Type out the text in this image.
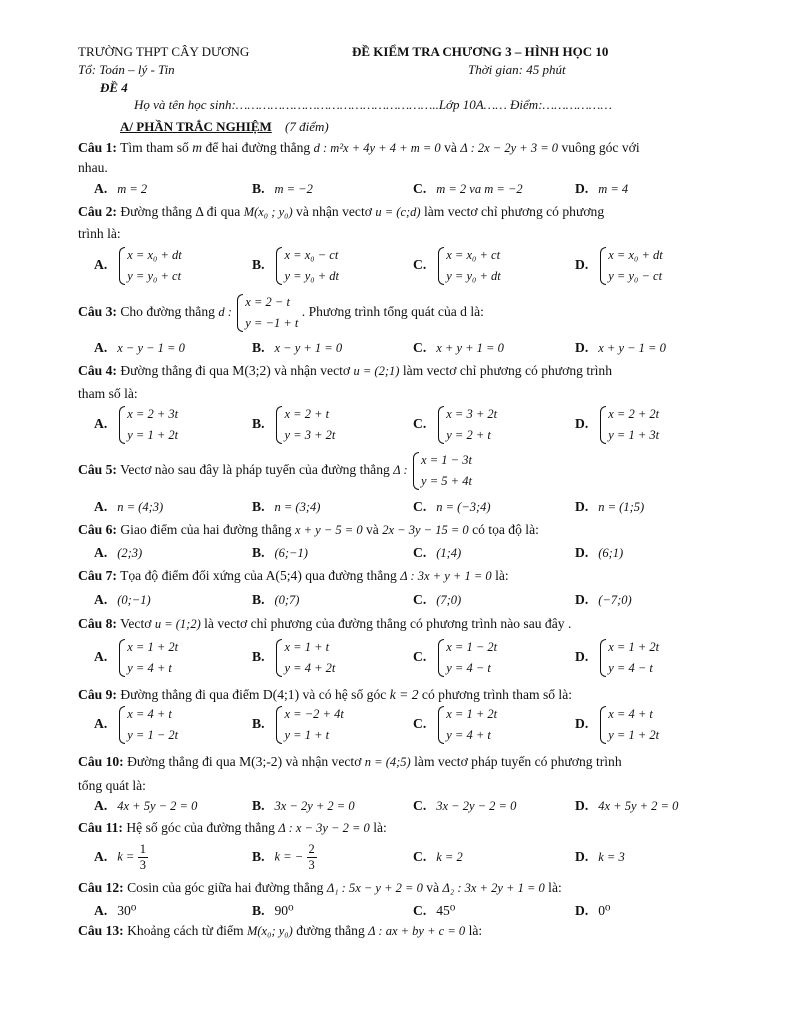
TRƯỜNG THPT CÂY DƯƠNG	ĐỀ KIỂM TRA CHƯƠNG 3 – HÌNH HỌC 10
Tổ: Toán – lý - Tin	Thời gian: 45 phút
ĐỀ 4
Họ và tên học sinh:……………………………………………..Lớp 10A…… Điểm:………………
A/ PHẦN TRẮC NGHIỆM (7 điểm)
Câu 1: Tìm tham số m để hai đường thẳng d : m²x + 4y + 4 + m = 0 và Δ : 2x − 2y + 3 = 0 vuông góc với
nhau.
A. m = 2	B. m = −2	C. m = 2 va m = −2	D. m = 4
Câu 2: Đường thẳng Δ đi qua M(x₀ ; y₀) và nhận vectơ u = (c;d) làm vectơ chỉ phương có phương
trình là:
A.
x = x₀ + dt
y = y₀ + ct
B.
x = x₀ − ct
y = y₀ + dt
C.
x = x₀ + ct
y = y₀ + dt
D.
x = x₀ + dt
y = y₀ − ct
Câu 3: Cho đường thẳng d :
x = 2 − t
y = −1 + t
. Phương trình tổng quát của d là:
A. x − y − 1 = 0	B. x − y + 1 = 0	C. x + y + 1 = 0	D. x + y − 1 = 0
Câu 4: Đường thẳng đi qua M(3;2) và nhận vectơ u = (2;1) làm vectơ chỉ phương có phương trình
tham số là:
A.
x = 2 + 3t
y = 1 + 2t
B.
x = 2 + t
y = 3 + 2t
C.
x = 3 + 2t
y = 2 + t
D.
x = 2 + 2t
y = 1 + 3t
Câu 5: Vectơ nào sau đây là pháp tuyến của đường thẳng Δ :
x = 1 − 3t
y = 5 + 4t
A. n = (4;3)	B. n = (3;4)	C. n = (−3;4)	D. n = (1;5)
Câu 6: Giao điểm của hai đường thẳng x + y − 5 = 0 và 2x − 3y − 15 = 0 có tọa độ là:
A. (2;3)	B. (6;−1)	C. (1;4)	D. (6;1)
Câu 7: Tọa độ điểm đối xứng của A(5;4) qua đường thẳng Δ : 3x + y + 1 = 0 là:
A. (0;−1)	B. (0;7)	C. (7;0)	D. (−7;0)
Câu 8: Vectơ u = (1;2) là vectơ chỉ phương của đường thẳng có phương trình nào sau đây .
A.
x = 1 + 2t
y = 4 + t
B.
x = 1 + t
y = 4 + 2t
C.
x = 1 − 2t
y = 4 − t
D.
x = 1 + 2t
y = 4 − t
Câu 9: Đường thẳng đi qua điểm D(4;1) và có hệ số góc k = 2 có phương trình tham số là:
A.
x = 4 + t
y = 1 − 2t
B.
x = −2 + 4t
y = 1 + t
C.
x = 1 + 2t
y = 4 + t
D.
x = 4 + t
y = 1 + 2t
Câu 10: Đường thẳng đi qua M(3;-2) và nhận vectơ n = (4;5) làm vectơ pháp tuyến có phương trình
tổng quát là:
A. 4x + 5y − 2 = 0	B. 3x − 2y + 2 = 0	C. 3x − 2y − 2 = 0	D. 4x + 5y + 2 = 0
Câu 11: Hệ số góc của đường thẳng Δ : x − 3y − 2 = 0 là:
A. $k = \frac{1}{3}$	B. k = − $\frac{2}{3}$	C. k = 2	D. k = 3
Câu 12: Cosin của góc giữa hai đường thẳng Δ₁ : 5x − y + 2 = 0 và Δ₂ : 3x + 2y + 1 = 0 là:
A. 30⁰	B. 90⁰	C. 45⁰	D. 0⁰
Câu 13: Khoảng cách từ điểm M(x₀; y₀) đường thẳng Δ : ax + by + c = 0 là:
